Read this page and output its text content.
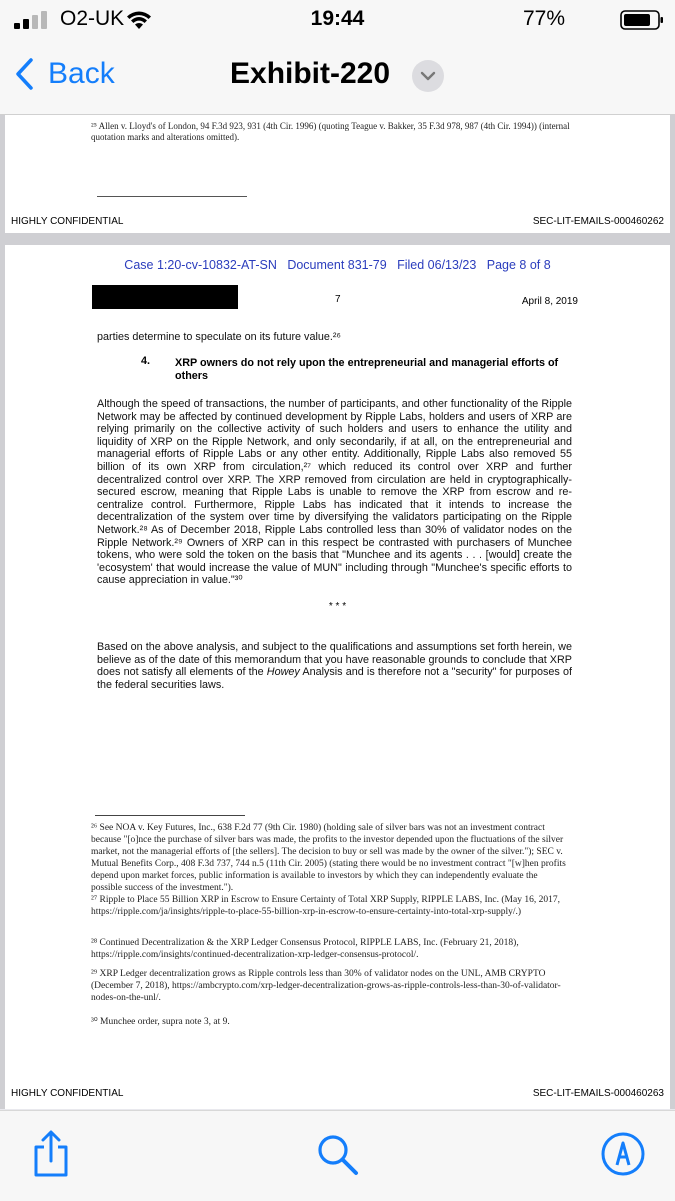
O2-UK	19:44	77%
Back	Exhibit-220
²⁵ Allen v. Lloyd's of London, 94 F.3d 923, 931 (4th Cir. 1996) (quoting Teague v. Bakker, 35 F.3d 978, 987 (4th Cir. 1994)) (internal quotation marks and alterations omitted).
HIGHLY CONFIDENTIAL	SEC-LIT-EMAILS-000460262
Case 1:20-cv-10832-AT-SN   Document 831-79   Filed 06/13/23   Page 8 of 8
7	April 8, 2019
parties determine to speculate on its future value.²⁶
4. XRP owners do not rely upon the entrepreneurial and managerial efforts of others
Although the speed of transactions, the number of participants, and other functionality of the Ripple Network may be affected by continued development by Ripple Labs, holders and users of XRP are relying primarily on the collective activity of such holders and users to enhance the utility and liquidity of XRP on the Ripple Network, and only secondarily, if at all, on the entrepreneurial and managerial efforts of Ripple Labs or any other entity. Additionally, Ripple Labs also removed 55 billion of its own XRP from circulation,²⁷ which reduced its control over XRP and further decentralized control over XRP. The XRP removed from circulation are held in cryptographically-secured escrow, meaning that Ripple Labs is unable to remove the XRP from escrow and re-centralize control. Furthermore, Ripple Labs has indicated that it intends to increase the decentralization of the system over time by diversifying the validators participating on the Ripple Network.²⁸ As of December 2018, Ripple Labs controlled less than 30% of validator nodes on the Ripple Network.²⁹ Owners of XRP can in this respect be contrasted with purchasers of Munchee tokens, who were sold the token on the basis that "Munchee and its agents . . . [would] create the 'ecosystem' that would increase the value of MUN" including through "Munchee's specific efforts to cause appreciation in value."³⁰
* * *
Based on the above analysis, and subject to the qualifications and assumptions set forth herein, we believe as of the date of this memorandum that you have reasonable grounds to conclude that XRP does not satisfy all elements of the Howey Analysis and is therefore not a "security" for purposes of the federal securities laws.
²⁶ See NOA v. Key Futures, Inc., 638 F.2d 77 (9th Cir. 1980) (holding sale of silver bars was not an investment contract because "[o]nce the purchase of silver bars was made, the profits to the investor depended upon the fluctuations of the silver market, not the managerial efforts of [the sellers]. The decision to buy or sell was made by the owner of the silver."); SEC v. Mutual Benefits Corp., 408 F.3d 737, 744 n.5 (11th Cir. 2005) (stating there would be no investment contract "[w]hen profits depend upon market forces, public information is available to investors by which they can independently evaluate the possible success of the investment.").
²⁷ Ripple to Place 55 Billion XRP in Escrow to Ensure Certainty of Total XRP Supply, RIPPLE LABS, Inc. (May 16, 2017, https://ripple.com/ja/insights/ripple-to-place-55-billion-xrp-in-escrow-to-ensure-certainty-into-total-xrp-supply/.)
²⁸ Continued Decentralization & the XRP Ledger Consensus Protocol, RIPPLE LABS, Inc. (February 21, 2018), https://ripple.com/insights/continued-decentralization-xrp-ledger-consensus-protocol/.
²⁹ XRP Ledger decentralization grows as Ripple controls less than 30% of validator nodes on the UNL, AMB CRYPTO (December 7, 2018), https://ambcrypto.com/xrp-ledger-decentralization-grows-as-ripple-controls-less-than-30-of-validator-nodes-on-the-unl/.
³⁰ Munchee order, supra note 3, at 9.
HIGHLY CONFIDENTIAL	SEC-LIT-EMAILS-000460263
